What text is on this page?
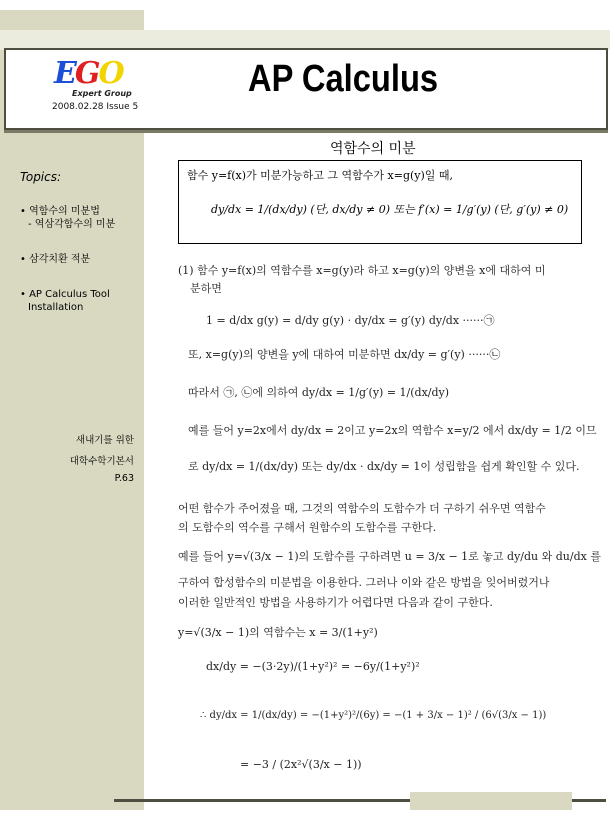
EGO
Expert Group
2008.02.28 Issue 5
AP Calculus
Topics:
• 역함수의 미분법
- 역삼각함수의 미분
• 삼각치환 적분
• AP Calculus Tool
Installation
새내기를 위한
대학수학기본서
P.63
역함수의 미분
함수 y=f(x)가 미분가능하고 그 역함수가 x=g(y)일 때,
dy/dx = 1/(dx/dy) (단, dx/dy ≠ 0) 또는 f′(x) = 1/g′(y) (단, g′(y) ≠ 0)
(1) 함수 y=f(x)의 역함수를 x=g(y)라 하고 x=g(y)의 양변을 x에 대하여 미
분하면
1 = d/dx g(y) = d/dy g(y) · dy/dx = g′(y) dy/dx ······㉠
또, x=g(y)의 양변을 y에 대하여 미분하면 dx/dy = g′(y) ······㉡
따라서 ㉠, ㉡에 의하여 dy/dx = 1/g′(y) = 1/(dx/dy)
예를 들어 y=2x에서 dy/dx = 2이고 y=2x의 역함수 x=y/2 에서 dx/dy = 1/2 이므
로 dy/dx = 1/(dx/dy) 또는 dy/dx · dx/dy = 1이 성립함을 쉽게 확인할 수 있다.
어떤 함수가 주어졌을 때, 그것의 역함수의 도함수가 더 구하기 쉬우면 역함수
의 도함수의 역수를 구해서 원함수의 도함수를 구한다.
예를 들어 y=√(3/x − 1)의 도함수를 구하려면 u = 3/x − 1로 놓고 dy/du 와 du/dx 를
구하여 합성함수의 미분법을 이용한다. 그러나 이와 같은 방법을 잊어버렸거나
이러한 일반적인 방법을 사용하기가 어렵다면 다음과 같이 구한다.
y=√(3/x − 1)의 역함수는 x = 3/(1+y²)
dx/dy = −(3·2y)/(1+y²)² = −6y/(1+y²)²
∴ dy/dx = 1/(dx/dy) = −(1+y²)²/(6y) = −(1 + 3/x − 1)² / (6√(3/x − 1))
= −3 / (2x²√(3/x − 1))
